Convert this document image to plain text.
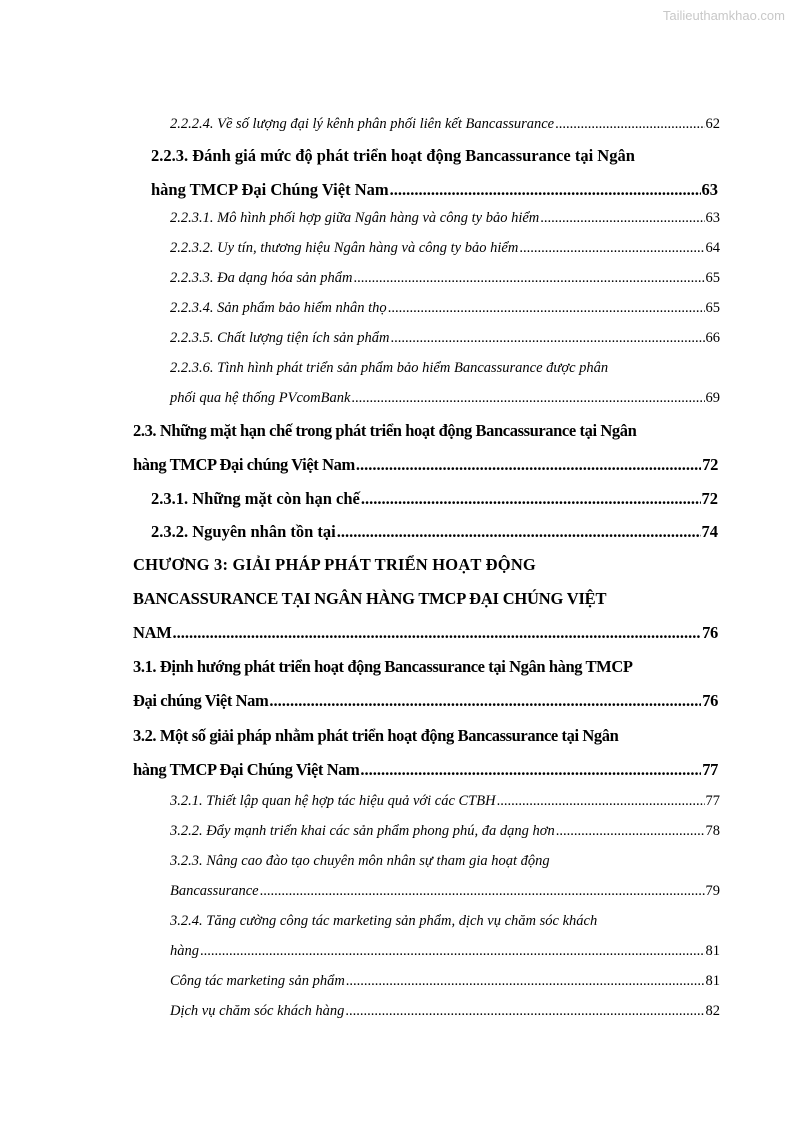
Tailieuthamkhao.com
2.2.2.4. Về số lượng đại lý kênh phân phối liên kết Bancassurance .....	62
2.2.3. Đánh giá mức độ phát triển hoạt động Bancassurance tại Ngân
hàng TMCP Đại Chúng Việt Nam .....	63
2.2.3.1. Mô hình phối hợp giữa Ngân hàng và công ty bảo hiểm .....	63
2.2.3.2. Uy tín, thương hiệu Ngân hàng và công ty bảo hiểm .....	64
2.2.3.3. Đa dạng hóa sản phẩm .....	65
2.2.3.4. Sản phẩm bảo hiểm nhân thọ .....	65
2.2.3.5. Chất lượng tiện ích sản phẩm .....	66
2.2.3.6. Tình hình phát triển sản phẩm bảo hiểm Bancassurance được phân
phối qua hệ thống PVcomBank .....	69
2.3. Những mặt hạn chế trong phát triển hoạt động Bancassurance tại Ngân
hàng TMCP Đại chúng Việt Nam .....	72
2.3.1. Những mặt còn hạn chế .....	72
2.3.2. Nguyên nhân tồn tại .....	74
CHƯƠNG 3: GIẢI PHÁP PHÁT TRIỂN HOẠT ĐỘNG
BANCASSURANCE TẠI NGÂN HÀNG TMCP ĐẠI CHÚNG VIỆT
NAM .....	76
3.1. Định hướng phát triển hoạt động Bancassurance tại Ngân hàng TMCP
Đại chúng Việt Nam .....	76
3.2. Một số giải pháp nhằm phát triển hoạt động Bancassurance tại Ngân
hàng TMCP Đại Chúng Việt Nam .....	77
3.2.1. Thiết lập quan hệ hợp tác hiệu quả với các CTBH .....	77
3.2.2. Đẩy mạnh triển khai các sản phẩm phong phú, đa dạng hơn .....	78
3.2.3. Nâng cao đào tạo chuyên môn nhân sự tham gia hoạt động
Bancassurance .....	79
3.2.4. Tăng cường công tác marketing sản phẩm, dịch vụ chăm sóc khách
hàng .....	81
Công tác marketing sản phẩm .....	81
Dịch vụ chăm sóc khách hàng .....	82
